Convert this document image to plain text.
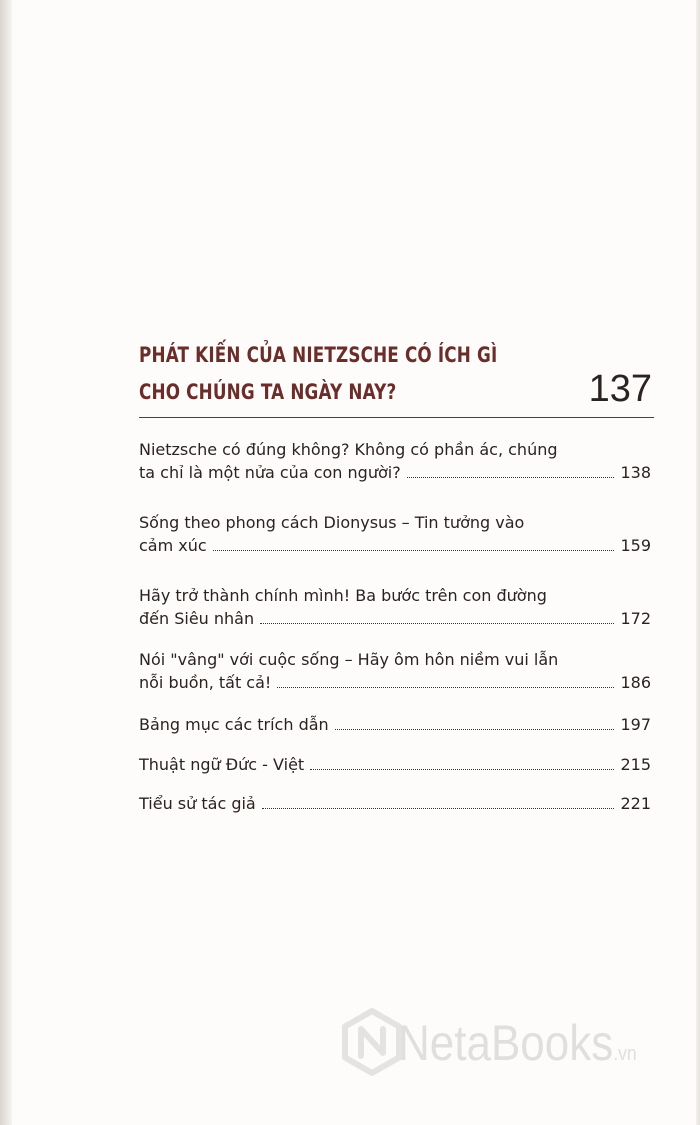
PHÁT KIẾN CỦA NIETZSCHE CÓ ÍCH GÌ
CHO CHÚNG TA NGÀY NAY?	137
Nietzsche có đúng không? Không có phần ác, chúng
ta chỉ là một nửa của con người?	138
Sống theo phong cách Dionysus – Tin tưởng vào
cảm xúc	159
Hãy trở thành chính mình! Ba bước trên con đường
đến Siêu nhân	172
Nói "vâng" với cuộc sống – Hãy ôm hôn niềm vui lẫn
nỗi buồn, tất cả!	186
Bảng mục các trích dẫn	197
Thuật ngữ Đức - Việt	215
Tiểu sử tác giả	221
NetaBooks.vn
